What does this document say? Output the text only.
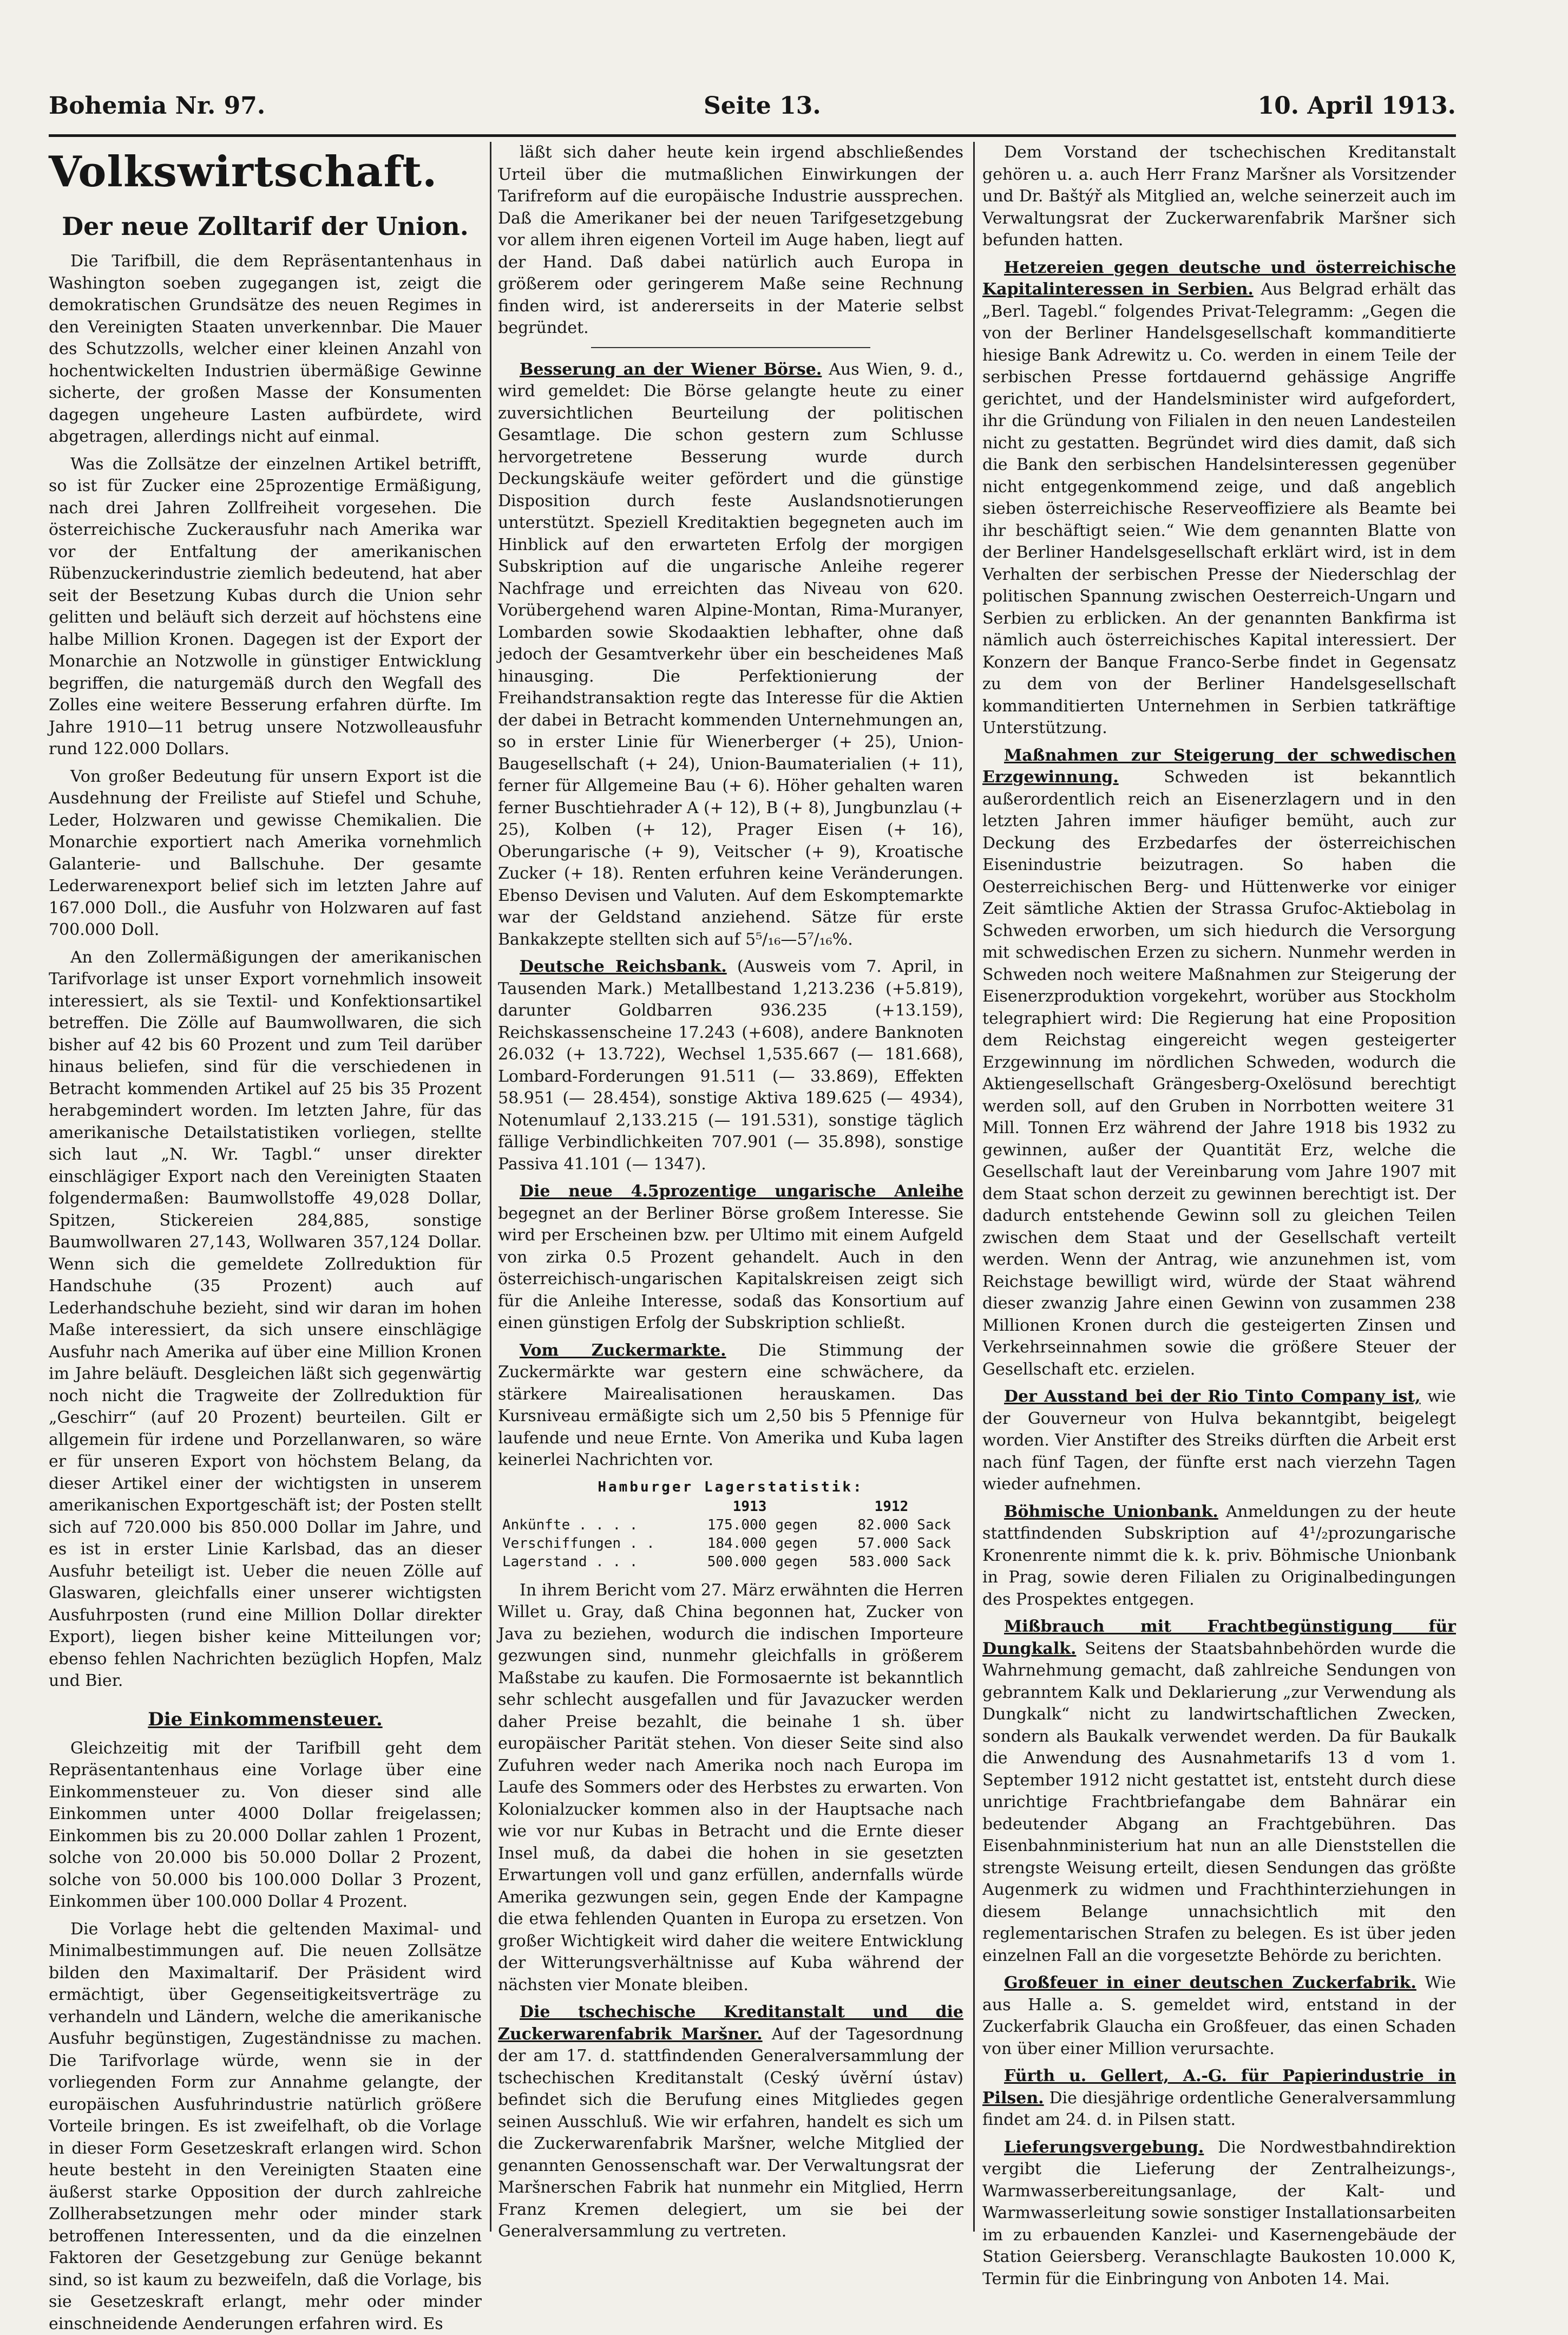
Bohemia Nr. 97.	Seite 13.	10. April 1913.
Volkswirtschaft.
Der neue Zolltarif der Union.

Die Tarifbill, die dem Repräsentantenhaus in Washington soeben zugegangen ist, zeigt die demokratischen Grundsätze des neuen Regimes in den Vereinigten Staaten unverkennbar. Die Mauer des Schutzzolls, welcher einer kleinen Anzahl von hochentwickelten Industrien übermäßige Gewinne sicherte, der großen Masse der Konsumenten dagegen ungeheure Lasten aufbürdete, wird abgetragen, allerdings nicht auf einmal.

Was die Zollsätze der einzelnen Artikel betrifft, so ist für Zucker eine 25prozentige Ermäßigung, nach drei Jahren Zollfreiheit vorgesehen. Die österreichische Zuckerausfuhr nach Amerika war vor der Entfaltung der amerikanischen Rübenzuckerindustrie ziemlich bedeutend, hat aber seit der Besetzung Kubas durch die Union sehr gelitten und beläuft sich derzeit auf höchstens eine halbe Million Kronen. Dagegen ist der Export der Monarchie an Notzwolle in günstiger Entwicklung begriffen, die naturgemäß durch den Wegfall des Zolles eine weitere Besserung erfahren dürfte. Im Jahre 1910—11 betrug unsere Notzwolleausfuhr rund 122.000 Dollars.

Von großer Bedeutung für unsern Export ist die Ausdehnung der Freiliste auf Stiefel und Schuhe, Leder, Holzwaren und gewisse Chemikalien. Die Monarchie exportiert nach Amerika vornehmlich Galanterie- und Ballschuhe. Der gesamte Lederwarenexport belief sich im letzten Jahre auf 167.000 Doll., die Ausfuhr von Holzwaren auf fast 700.000 Doll.

An den Zollermäßigungen der amerikanischen Tarifvorlage ist unser Export vornehmlich insoweit interessiert, als sie Textil- und Konfektionsartikel betreffen. Die Zölle auf Baumwollwaren, die sich bisher auf 42 bis 60 Prozent und zum Teil darüber hinaus beliefen, sind für die verschiedenen in Betracht kommenden Artikel auf 25 bis 35 Prozent herabgemindert worden. Im letzten Jahre, für das amerikanische Detailstatistiken vorliegen, stellte sich laut „N. Wr. Tagbl.“ unser direkter einschlägiger Export nach den Vereinigten Staaten folgendermaßen: Baumwollstoffe 49,028 Dollar, Spitzen, Stickereien 284,885, sonstige Baumwollwaren 27,143, Wollwaren 357,124 Dollar. Wenn sich die gemeldete Zollreduktion für Handschuhe (35 Prozent) auch auf Lederhandschuhe bezieht, sind wir daran im hohen Maße interessiert, da sich unsere einschlägige Ausfuhr nach Amerika auf über eine Million Kronen im Jahre beläuft. Desgleichen läßt sich gegenwärtig noch nicht die Tragweite der Zollreduktion für „Geschirr“ (auf 20 Prozent) beurteilen. Gilt er allgemein für irdene und Porzellanwaren, so wäre er für unseren Export von höchstem Belang, da dieser Artikel einer der wichtigsten in unserem amerikanischen Exportgeschäft ist; der Posten stellt sich auf 720.000 bis 850.000 Dollar im Jahre, und es ist in erster Linie Karlsbad, das an dieser Ausfuhr beteiligt ist. Ueber die neuen Zölle auf Glaswaren, gleichfalls einer unserer wichtigsten Ausfuhrposten (rund eine Million Dollar direkter Export), liegen bisher keine Mitteilungen vor; ebenso fehlen Nachrichten bezüglich Hopfen, Malz und Bier.

Die Einkommensteuer.

Gleichzeitig mit der Tarifbill geht dem Repräsentantenhaus eine Vorlage über eine Einkommensteuer zu. Von dieser sind alle Einkommen unter 4000 Dollar freigelassen; Einkommen bis zu 20.000 Dollar zahlen 1 Prozent, solche von 20.000 bis 50.000 Dollar 2 Prozent, solche von 50.000 bis 100.000 Dollar 3 Prozent, Einkommen über 100.000 Dollar 4 Prozent.

Die Vorlage hebt die geltenden Maximal- und Minimalbestimmungen auf. Die neuen Zollsätze bilden den Maximaltarif. Der Präsident wird ermächtigt, über Gegenseitigkeitsverträge zu verhandeln und Ländern, welche die amerikanische Ausfuhr begünstigen, Zugeständnisse zu machen. Die Tarifvorlage würde, wenn sie in der vorliegenden Form zur Annahme gelangte, der europäischen Ausfuhrindustrie natürlich größere Vorteile bringen. Es ist zweifelhaft, ob die Vorlage in dieser Form Gesetzeskraft erlangen wird. Schon heute besteht in den Vereinigten Staaten eine äußerst starke Opposition der durch zahlreiche Zollherabsetzungen mehr oder minder stark betroffenen Interessenten, und da die einzelnen Faktoren der Gesetzgebung zur Genüge bekannt sind, so ist kaum zu bezweifeln, daß die Vorlage, bis sie Gesetzeskraft erlangt, mehr oder minder einschneidende Aenderungen erfahren wird. Es

läßt sich daher heute kein irgend abschließendes Urteil über die mutmaßlichen Einwirkungen der Tarifreform auf die europäische Industrie aussprechen. Daß die Amerikaner bei der neuen Tarifgesetzgebung vor allem ihren eigenen Vorteil im Auge haben, liegt auf der Hand. Daß dabei natürlich auch Europa in größerem oder geringerem Maße seine Rechnung finden wird, ist andererseits in der Materie selbst begründet.

Besserung an der Wiener Börse. Aus Wien, 9. d., wird gemeldet: Die Börse gelangte heute zu einer zuversichtlichen Beurteilung der politischen Gesamtlage. Die schon gestern zum Schlusse hervorgetretene Besserung wurde durch Deckungskäufe weiter gefördert und die günstige Disposition durch feste Auslandsnotierungen unterstützt. Speziell Kreditaktien begegneten auch im Hinblick auf den erwarteten Erfolg der morgigen Subskription auf die ungarische Anleihe regerer Nachfrage und erreichten das Niveau von 620. Vorübergehend waren Alpine-Montan, Rima-Muranyer, Lombarden sowie Skodaaktien lebhafter, ohne daß jedoch der Gesamtverkehr über ein bescheidenes Maß hinausging. Die Perfektionierung der Freihandstransaktion regte das Interesse für die Aktien der dabei in Betracht kommenden Unternehmungen an, so in erster Linie für Wienerberger (+ 25), Union-Baugesellschaft (+ 24), Union-Baumaterialien (+ 11), ferner für Allgemeine Bau (+ 6). Höher gehalten waren ferner Buschtiehrader A (+ 12), B (+ 8), Jungbunzlau (+ 25), Kolben (+ 12), Prager Eisen (+ 16), Oberungarische (+ 9), Veitscher (+ 9), Kroatische Zucker (+ 18). Renten erfuhren keine Veränderungen. Ebenso Devisen und Valuten. Auf dem Eskomptemarkte war der Geldstand anziehend. Sätze für erste Bankakzepte stellten sich auf 5⁵/₁₆—5⁷/₁₆%.

Deutsche Reichsbank. (Ausweis vom 7. April, in Tausenden Mark.) Metallbestand 1,213.236 (+5.819), darunter Goldbarren 936.235 (+13.159), Reichskassenscheine 17.243 (+608), andere Banknoten 26.032 (+ 13.722), Wechsel 1,535.667 (— 181.668), Lombard-Forderungen 91.511 (— 33.869), Effekten 58.951 (— 28.454), sonstige Aktiva 189.625 (— 4934), Notenumlauf 2,133.215 (— 191.531), sonstige täglich fällige Verbindlichkeiten 707.901 (— 35.898), sonstige Passiva 41.101 (— 1347).

Die neue 4.5prozentige ungarische Anleihe begegnet an der Berliner Börse großem Interesse. Sie wird per Erscheinen bzw. per Ultimo mit einem Aufgeld von zirka 0.5 Prozent gehandelt. Auch in den österreichisch-ungarischen Kapitalskreisen zeigt sich für die Anleihe Interesse, sodaß das Konsortium auf einen günstigen Erfolg der Subskription schließt.

Vom Zuckermarkte. Die Stimmung der Zuckermärkte war gestern eine schwächere, da stärkere Mairealisationen herauskamen. Das Kursniveau ermäßigte sich um 2,50 bis 5 Pfennige für laufende und neue Ernte. Von Amerika und Kuba lagen keinerlei Nachrichten vor.

Hamburger Lagerstatistik:
	1913		1912	
Ankünfte . . . .	175.000	gegen	82.000	Sack
Verschiffungen . .	184.000	gegen	57.000	Sack
Lagerstand . . .	500.000	gegen	583.000	Sack

In ihrem Bericht vom 27. März erwähnten die Herren Willet u. Gray, daß China begonnen hat, Zucker von Java zu beziehen, wodurch die indischen Importeure gezwungen sind, nunmehr gleichfalls in größerem Maßstabe zu kaufen. Die Formosaernte ist bekanntlich sehr schlecht ausgefallen und für Javazucker werden daher Preise bezahlt, die beinahe 1 sh. über europäischer Parität stehen. Von dieser Seite sind also Zufuhren weder nach Amerika noch nach Europa im Laufe des Sommers oder des Herbstes zu erwarten. Von Kolonialzucker kommen also in der Hauptsache nach wie vor nur Kubas in Betracht und die Ernte dieser Insel muß, da dabei die hohen in sie gesetzten Erwartungen voll und ganz erfüllen, andernfalls würde Amerika gezwungen sein, gegen Ende der Kampagne die etwa fehlenden Quanten in Europa zu ersetzen. Von großer Wichtigkeit wird daher die weitere Entwicklung der Witterungsverhältnisse auf Kuba während der nächsten vier Monate bleiben.

Die tschechische Kreditanstalt und die Zuckerwarenfabrik Maršner. Auf der Tagesordnung der am 17. d. stattfindenden Generalversammlung der tschechischen Kreditanstalt (Ceský úvěrní ústav) befindet sich die Berufung eines Mitgliedes gegen seinen Ausschluß. Wie wir erfahren, handelt es sich um die Zuckerwarenfabrik Maršner, welche Mitglied der genannten Genossenschaft war. Der Verwaltungsrat der Maršnerschen Fabrik hat nunmehr ein Mitglied, Herrn Franz Kremen delegiert, um sie bei der Generalversammlung zu vertreten.

Dem Vorstand der tschechischen Kreditanstalt gehören u. a. auch Herr Franz Maršner als Vorsitzender und Dr. Baštýř als Mitglied an, welche seinerzeit auch im Verwaltungsrat der Zuckerwarenfabrik Maršner sich befunden hatten.

Hetzereien gegen deutsche und österreichische Kapitalinteressen in Serbien. Aus Belgrad erhält das „Berl. Tagebl.“ folgendes Privat-Telegramm: „Gegen die von der Berliner Handelsgesellschaft kommanditierte hiesige Bank Adrewitz u. Co. werden in einem Teile der serbischen Presse fortdauernd gehässige Angriffe gerichtet, und der Handelsminister wird aufgefordert, ihr die Gründung von Filialen in den neuen Landesteilen nicht zu gestatten. Begründet wird dies damit, daß sich die Bank den serbischen Handelsinteressen gegenüber nicht entgegenkommend zeige, und daß angeblich sieben österreichische Reserveoffiziere als Beamte bei ihr beschäftigt seien.“ Wie dem genannten Blatte von der Berliner Handelsgesellschaft erklärt wird, ist in dem Verhalten der serbischen Presse der Niederschlag der politischen Spannung zwischen Oesterreich-Ungarn und Serbien zu erblicken. An der genannten Bankfirma ist nämlich auch österreichisches Kapital interessiert. Der Konzern der Banque Franco-Serbe findet in Gegensatz zu dem von der Berliner Handelsgesellschaft kommanditierten Unternehmen in Serbien tatkräftige Unterstützung.

Maßnahmen zur Steigerung der schwedischen Erzgewinnung. Schweden ist bekanntlich außerordentlich reich an Eisenerzlagern und in den letzten Jahren immer häufiger bemüht, auch zur Deckung des Erzbedarfes der österreichischen Eisenindustrie beizutragen. So haben die Oesterreichischen Berg- und Hüttenwerke vor einiger Zeit sämtliche Aktien der Strassa Grufoc-Aktiebolag in Schweden erworben, um sich hiedurch die Versorgung mit schwedischen Erzen zu sichern. Nunmehr werden in Schweden noch weitere Maßnahmen zur Steigerung der Eisenerzproduktion vorgekehrt, worüber aus Stockholm telegraphiert wird: Die Regierung hat eine Proposition dem Reichstag eingereicht wegen gesteigerter Erzgewinnung im nördlichen Schweden, wodurch die Aktiengesellschaft Grängesberg-Oxelösund berechtigt werden soll, auf den Gruben in Norrbotten weitere 31 Mill. Tonnen Erz während der Jahre 1918 bis 1932 zu gewinnen, außer der Quantität Erz, welche die Gesellschaft laut der Vereinbarung vom Jahre 1907 mit dem Staat schon derzeit zu gewinnen berechtigt ist. Der dadurch entstehende Gewinn soll zu gleichen Teilen zwischen dem Staat und der Gesellschaft verteilt werden. Wenn der Antrag, wie anzunehmen ist, vom Reichstage bewilligt wird, würde der Staat während dieser zwanzig Jahre einen Gewinn von zusammen 238 Millionen Kronen durch die gesteigerten Zinsen und Verkehrseinnahmen sowie die größere Steuer der Gesellschaft etc. erzielen.

Der Ausstand bei der Rio Tinto Company ist, wie der Gouverneur von Hulva bekanntgibt, beigelegt worden. Vier Anstifter des Streiks dürften die Arbeit erst nach fünf Tagen, der fünfte erst nach vierzehn Tagen wieder aufnehmen.

Böhmische Unionbank. Anmeldungen zu der heute stattfindenden Subskription auf 4¹/₂prozungarische Kronenrente nimmt die k. k. priv. Böhmische Unionbank in Prag, sowie deren Filialen zu Originalbedingungen des Prospektes entgegen.

Mißbrauch mit Frachtbegünstigung für Dungkalk. Seitens der Staatsbahnbehörden wurde die Wahrnehmung gemacht, daß zahlreiche Sendungen von gebranntem Kalk und Deklarierung „zur Verwendung als Dungkalk“ nicht zu landwirtschaftlichen Zwecken, sondern als Baukalk verwendet werden. Da für Baukalk die Anwendung des Ausnahmetarifs 13 d vom 1. September 1912 nicht gestattet ist, entsteht durch diese unrichtige Frachtbriefangabe dem Bahnärar ein bedeutender Abgang an Frachtgebühren. Das Eisenbahnministerium hat nun an alle Dienststellen die strengste Weisung erteilt, diesen Sendungen das größte Augenmerk zu widmen und Frachthinterziehungen in diesem Belange unnachsichtlich mit den reglementarischen Strafen zu belegen. Es ist über jeden einzelnen Fall an die vorgesetzte Behörde zu berichten.

Großfeuer in einer deutschen Zuckerfabrik. Wie aus Halle a. S. gemeldet wird, entstand in der Zuckerfabrik Glaucha ein Großfeuer, das einen Schaden von über einer Million verursachte.

Fürth u. Gellert, A.-G. für Papierindustrie in Pilsen. Die diesjährige ordentliche Generalversammlung findet am 24. d. in Pilsen statt.

Lieferungsvergebung. Die Nordwestbahndirektion vergibt die Lieferung der Zentralheizungs-, Warmwasserbereitungsanlage, der Kalt- und Warmwasserleitung sowie sonstiger Installationsarbeiten im zu erbauenden Kanzlei- und Kasernengebäude der Station Geiersberg. Veranschlagte Baukosten 10.000 K, Termin für die Einbringung von Anboten 14. Mai.
